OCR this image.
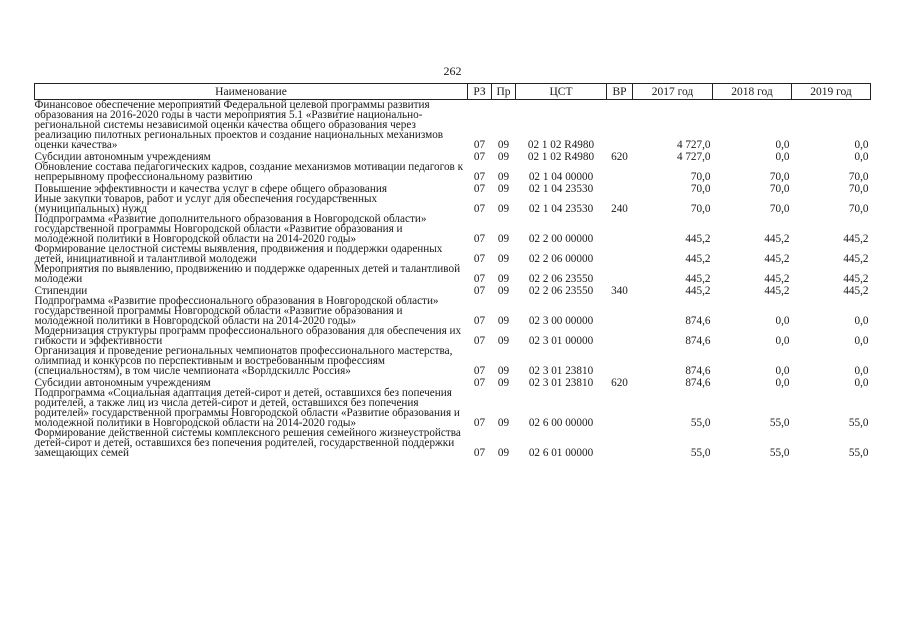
262
Наименование	РЗ	Пр	ЦСТ	ВР	2017 год	2018 год	2019 год
Финансовое обеспечение мероприятий Федеральной целевой программы развития образования на 2016-2020 годы в части мероприятия 5.1 «Развитие национально-региональной системы независимой оценки качества общего образования через реализацию пилотных региональных проектов и создание национальных механизмов оценки качества»	07	09	02 1 02 R4980		4 727,0	0,0	0,0
Субсидии автономным учреждениям	07	09	02 1 02 R4980	620	4 727,0	0,0	0,0
Обновление состава педагогических кадров, создание механизмов мотивации педагогов к непрерывному профессиональному развитию	07	09	02 1 04 00000		70,0	70,0	70,0
Повышение эффективности и качества услуг в сфере общего образования	07	09	02 1 04 23530		70,0	70,0	70,0
Иные закупки товаров, работ и услуг для обеспечения государственных (муниципальных) нужд	07	09	02 1 04 23530	240	70,0	70,0	70,0
Подпрограмма «Развитие дополнительного образования в Новгородской области» государственной программы Новгородской области «Развитие образования и молодежной политики в Новгородской области на 2014-2020 годы»	07	09	02 2 00 00000		445,2	445,2	445,2
Формирование целостной системы выявления, продвижения и поддержки одаренных детей, инициативной и талантливой молодежи	07	09	02 2 06 00000		445,2	445,2	445,2
Мероприятия по выявлению, продвижению и поддержке одаренных детей и талантливой молодежи	07	09	02 2 06 23550		445,2	445,2	445,2
Стипендии	07	09	02 2 06 23550	340	445,2	445,2	445,2
Подпрограмма «Развитие профессионального образования в Новгородской области» государственной программы Новгородской области «Развитие образования и молодежной политики в Новгородской области на 2014-2020 годы»	07	09	02 3 00 00000		874,6	0,0	0,0
Модернизация структуры программ профессионального образования для обеспечения их гибкости и эффективности	07	09	02 3 01 00000		874,6	0,0	0,0
Организация и проведение региональных чемпионатов профессионального мастерства, олимпиад и конкурсов по перспективным и востребованным профессиям (специальностям), в том числе чемпионата «Ворлдскиллс Россия»	07	09	02 3 01 23810		874,6	0,0	0,0
Субсидии автономным учреждениям	07	09	02 3 01 23810	620	874,6	0,0	0,0
Подпрограмма «Социальная адаптация детей-сирот и детей, оставшихся без попечения родителей, а также лиц из числа детей-сирот и детей, оставшихся без попечения родителей» государственной программы Новгородской области «Развитие образования и молодежной политики в Новгородской области на 2014-2020 годы»	07	09	02 6 00 00000		55,0	55,0	55,0
Формирование действенной системы комплексного решения семейного жизнеустройства детей-сирот и детей, оставшихся без попечения родителей, государственной поддержки замещающих семей	07	09	02 6 01 00000		55,0	55,0	55,0
